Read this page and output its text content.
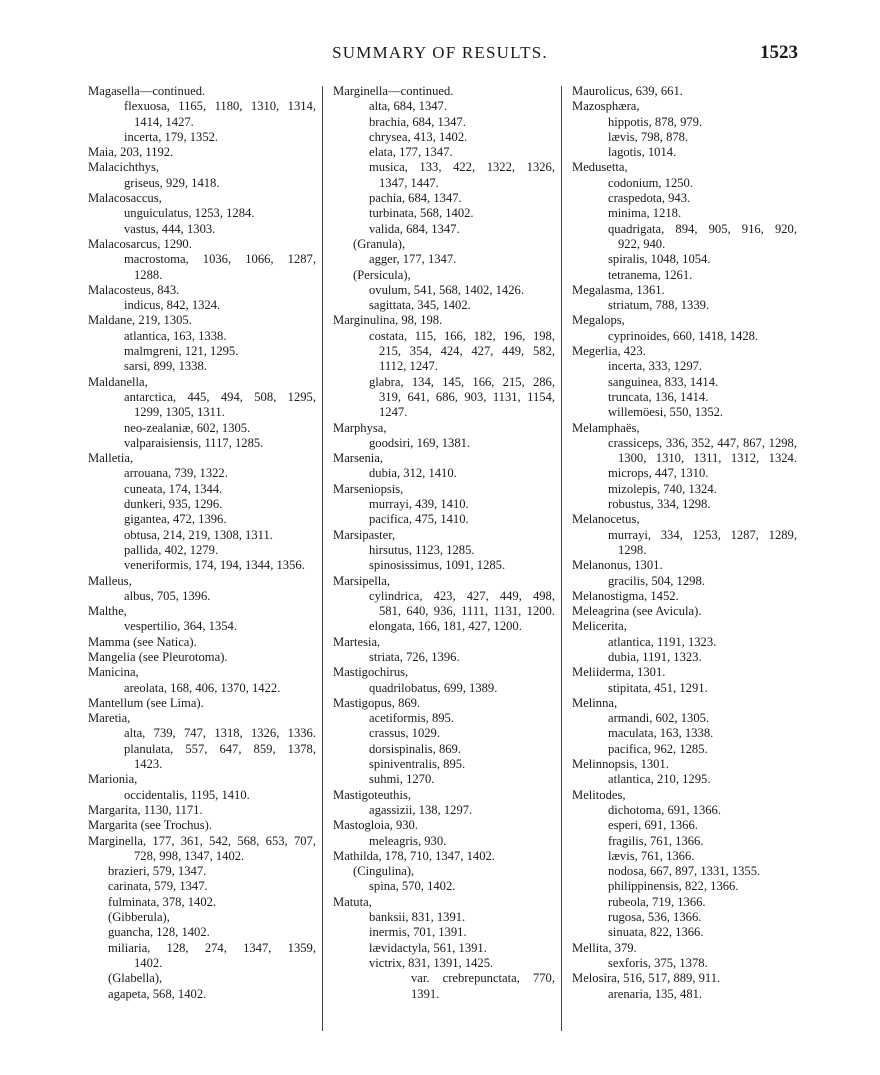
SUMMARY OF RESULTS.	1523
Magasella—continued.
flexuosa, 1165, 1180, 1310, 1314,
1414, 1427.
incerta, 179, 1352.
Maia, 203, 1192.
Malacichthys,
griseus, 929, 1418.
Malacosaccus,
unguiculatus, 1253, 1284.
vastus, 444, 1303.
Malacosarcus, 1290.
macrostoma, 1036, 1066, 1287,
1288.
Malacosteus, 843.
indicus, 842, 1324.
Maldane, 219, 1305.
atlantica, 163, 1338.
malmgreni, 121, 1295.
sarsi, 899, 1338.
Maldanella,
antarctica, 445, 494, 508, 1295,
1299, 1305, 1311.
neo-zealaniæ, 602, 1305.
valparaisiensis, 1117, 1285.
Malletia,
arrouana, 739, 1322.
cuneata, 174, 1344.
dunkeri, 935, 1296.
gigantea, 472, 1396.
obtusa, 214, 219, 1308, 1311.
pallida, 402, 1279.
veneriformis, 174, 194, 1344, 1356.
Malleus,
albus, 705, 1396.
Malthe,
vespertilio, 364, 1354.
Mamma (see Natica).
Mangelia (see Pleurotoma).
Manicina,
areolata, 168, 406, 1370, 1422.
Mantellum (see Lima).
Maretia,
alta, 739, 747, 1318, 1326, 1336.
planulata, 557, 647, 859, 1378,
1423.
Marionia,
occidentalis, 1195, 1410.
Margarita, 1130, 1171.
Margarita (see Trochus).
Marginella, 177, 361, 542, 568, 653, 707,
728, 998, 1347, 1402.
brazieri, 579, 1347.
carinata, 579, 1347.
fulminata, 378, 1402.
(Gibberula),
guancha, 128, 1402.
miliaria, 128, 274, 1347, 1359,
1402.
(Glabella),
agapeta, 568, 1402.
Marginella—continued.
alta, 684, 1347.
brachia, 684, 1347.
chrysea, 413, 1402.
elata, 177, 1347.
musica, 133, 422, 1322, 1326,
1347, 1447.
pachia, 684, 1347.
turbinata, 568, 1402.
valida, 684, 1347.
(Granula),
agger, 177, 1347.
(Persicula),
ovulum, 541, 568, 1402, 1426.
sagittata, 345, 1402.
Marginulina, 98, 198.
costata, 115, 166, 182, 196, 198,
215, 354, 424, 427, 449, 582,
1112, 1247.
glabra, 134, 145, 166, 215, 286,
319, 641, 686, 903, 1131, 1154,
1247.
Marphysa,
goodsiri, 169, 1381.
Marsenia,
dubia, 312, 1410.
Marseniopsis,
murrayi, 439, 1410.
pacifica, 475, 1410.
Marsipaster,
hirsutus, 1123, 1285.
spinosissimus, 1091, 1285.
Marsipella,
cylindrica, 423, 427, 449, 498,
581, 640, 936, 1111, 1131, 1200.
elongata, 166, 181, 427, 1200.
Martesia,
striata, 726, 1396.
Mastigochirus,
quadrilobatus, 699, 1389.
Mastigopus, 869.
acetiformis, 895.
crassus, 1029.
dorsispinalis, 869.
spiniventralis, 895.
suhmi, 1270.
Mastigoteuthis,
agassizii, 138, 1297.
Mastogloia, 930.
meleagris, 930.
Mathilda, 178, 710, 1347, 1402.
(Cingulina),
spina, 570, 1402.
Matuta,
banksii, 831, 1391.
inermis, 701, 1391.
lævidactyla, 561, 1391.
victrix, 831, 1391, 1425.
var. crebrepunctata, 770,
1391.
Maurolicus, 639, 661.
Mazosphæra,
hippotis, 878, 979.
lævis, 798, 878.
lagotis, 1014.
Medusetta,
codonium, 1250.
craspedota, 943.
minima, 1218.
quadrigata, 894, 905, 916, 920,
922, 940.
spiralis, 1048, 1054.
tetranema, 1261.
Megalasma, 1361.
striatum, 788, 1339.
Megalops,
cyprinoides, 660, 1418, 1428.
Megerlia, 423.
incerta, 333, 1297.
sanguinea, 833, 1414.
truncata, 136, 1414.
willemöesi, 550, 1352.
Melamphaës,
crassiceps, 336, 352, 447, 867, 1298,
1300, 1310, 1311, 1312, 1324.
microps, 447, 1310.
mizolepis, 740, 1324.
robustus, 334, 1298.
Melanocetus,
murrayi, 334, 1253, 1287, 1289,
1298.
Melanonus, 1301.
gracilis, 504, 1298.
Melanostigma, 1452.
Meleagrina (see Avicula).
Melicerita,
atlantica, 1191, 1323.
dubia, 1191, 1323.
Meliiderma, 1301.
stipitata, 451, 1291.
Melinna,
armandi, 602, 1305.
maculata, 163, 1338.
pacifica, 962, 1285.
Melinnopsis, 1301.
atlantica, 210, 1295.
Melitodes,
dichotoma, 691, 1366.
esperi, 691, 1366.
fragilis, 761, 1366.
lævis, 761, 1366.
nodosa, 667, 897, 1331, 1355.
philippinensis, 822, 1366.
rubeola, 719, 1366.
rugosa, 536, 1366.
sinuata, 822, 1366.
Mellita, 379.
sexforis, 375, 1378.
Melosira, 516, 517, 889, 911.
arenaria, 135, 481.
